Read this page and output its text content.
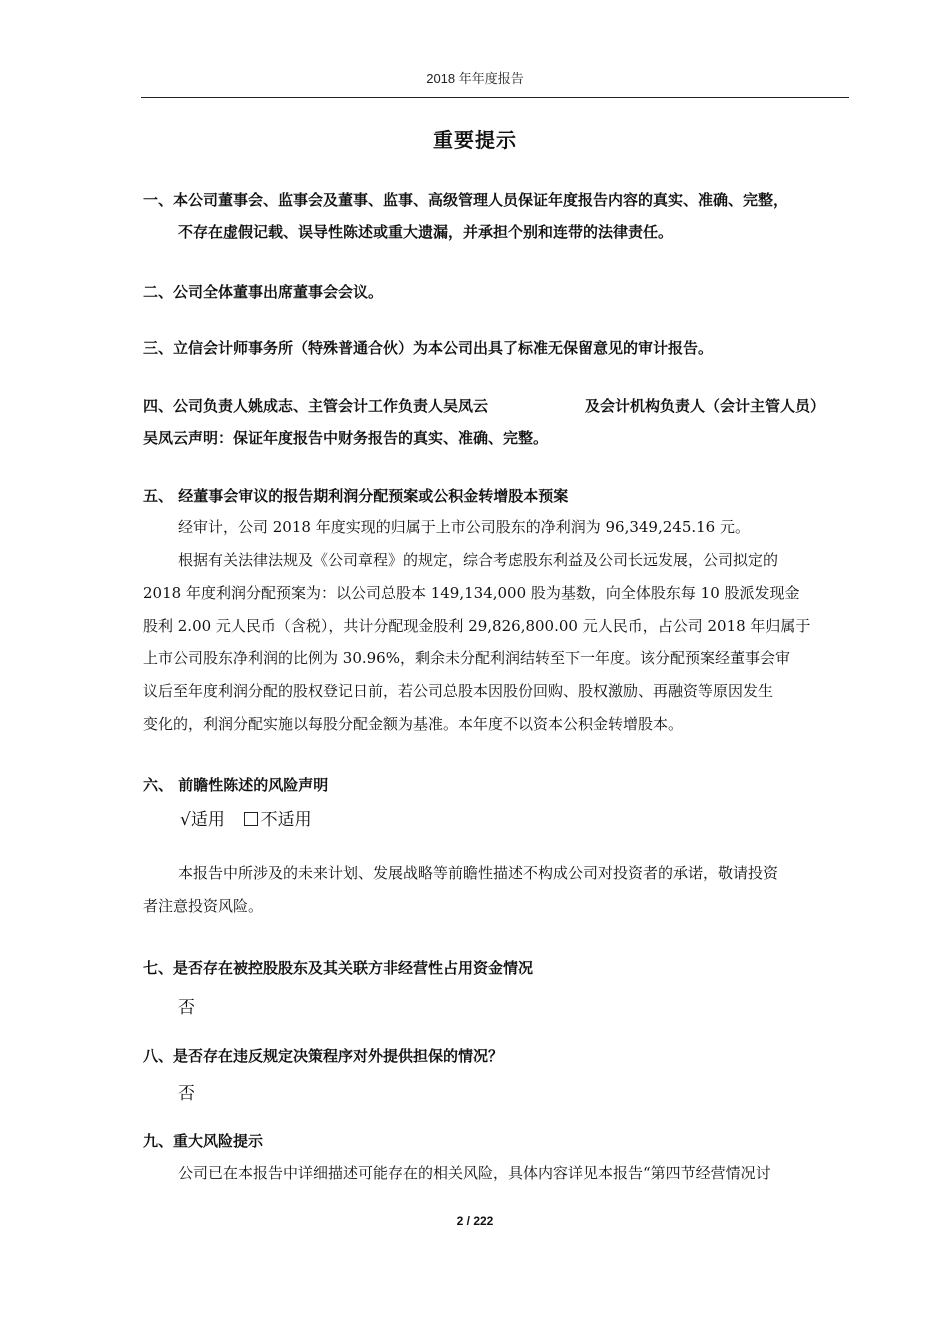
2018 年年度报告
重要提示
一、本公司董事会、监事会及董事、监事、高级管理人员保证年度报告内容的真实、准确、完整，
不存在虚假记载、误导性陈述或重大遗漏，并承担个别和连带的法律责任。
二、公司全体董事出席董事会会议。
三、立信会计师事务所（特殊普通合伙）为本公司出具了标准无保留意见的审计报告。
四、公司负责人姚成志、主管会计工作负责人吴凤云	及会计机构负责人（会计主管人员）
吴凤云声明：保证年度报告中财务报告的真实、准确、完整。
五、 经董事会审议的报告期利润分配预案或公积金转增股本预案
经审计，公司 2018 年度实现的归属于上市公司股东的净利润为 96,349,245.16 元。
根据有关法律法规及《公司章程》的规定，综合考虑股东利益及公司长远发展，公司拟定的
2018 年度利润分配预案为：以公司总股本 149,134,000 股为基数，向全体股东每 10 股派发现金
股利 2.00 元人民币（含税），共计分配现金股利 29,826,800.00 元人民币，占公司 2018 年归属于
上市公司股东净利润的比例为 30.96%，剩余未分配利润结转至下一年度。该分配预案经董事会审
议后至年度利润分配的股权登记日前，若公司总股本因股份回购、股权激励、再融资等原因发生
变化的，利润分配实施以每股分配金额为基准。本年度不以资本公积金转增股本。
六、 前瞻性陈述的风险声明
√适用 不适用
本报告中所涉及的未来计划、发展战略等前瞻性描述不构成公司对投资者的承诺，敬请投资
者注意投资风险。
七、是否存在被控股股东及其关联方非经营性占用资金情况
否
八、是否存在违反规定决策程序对外提供担保的情况？
否
九、重大风险提示
公司已在本报告中详细描述可能存在的相关风险，具体内容详见本报告“第四节经营情况讨
2 / 222
